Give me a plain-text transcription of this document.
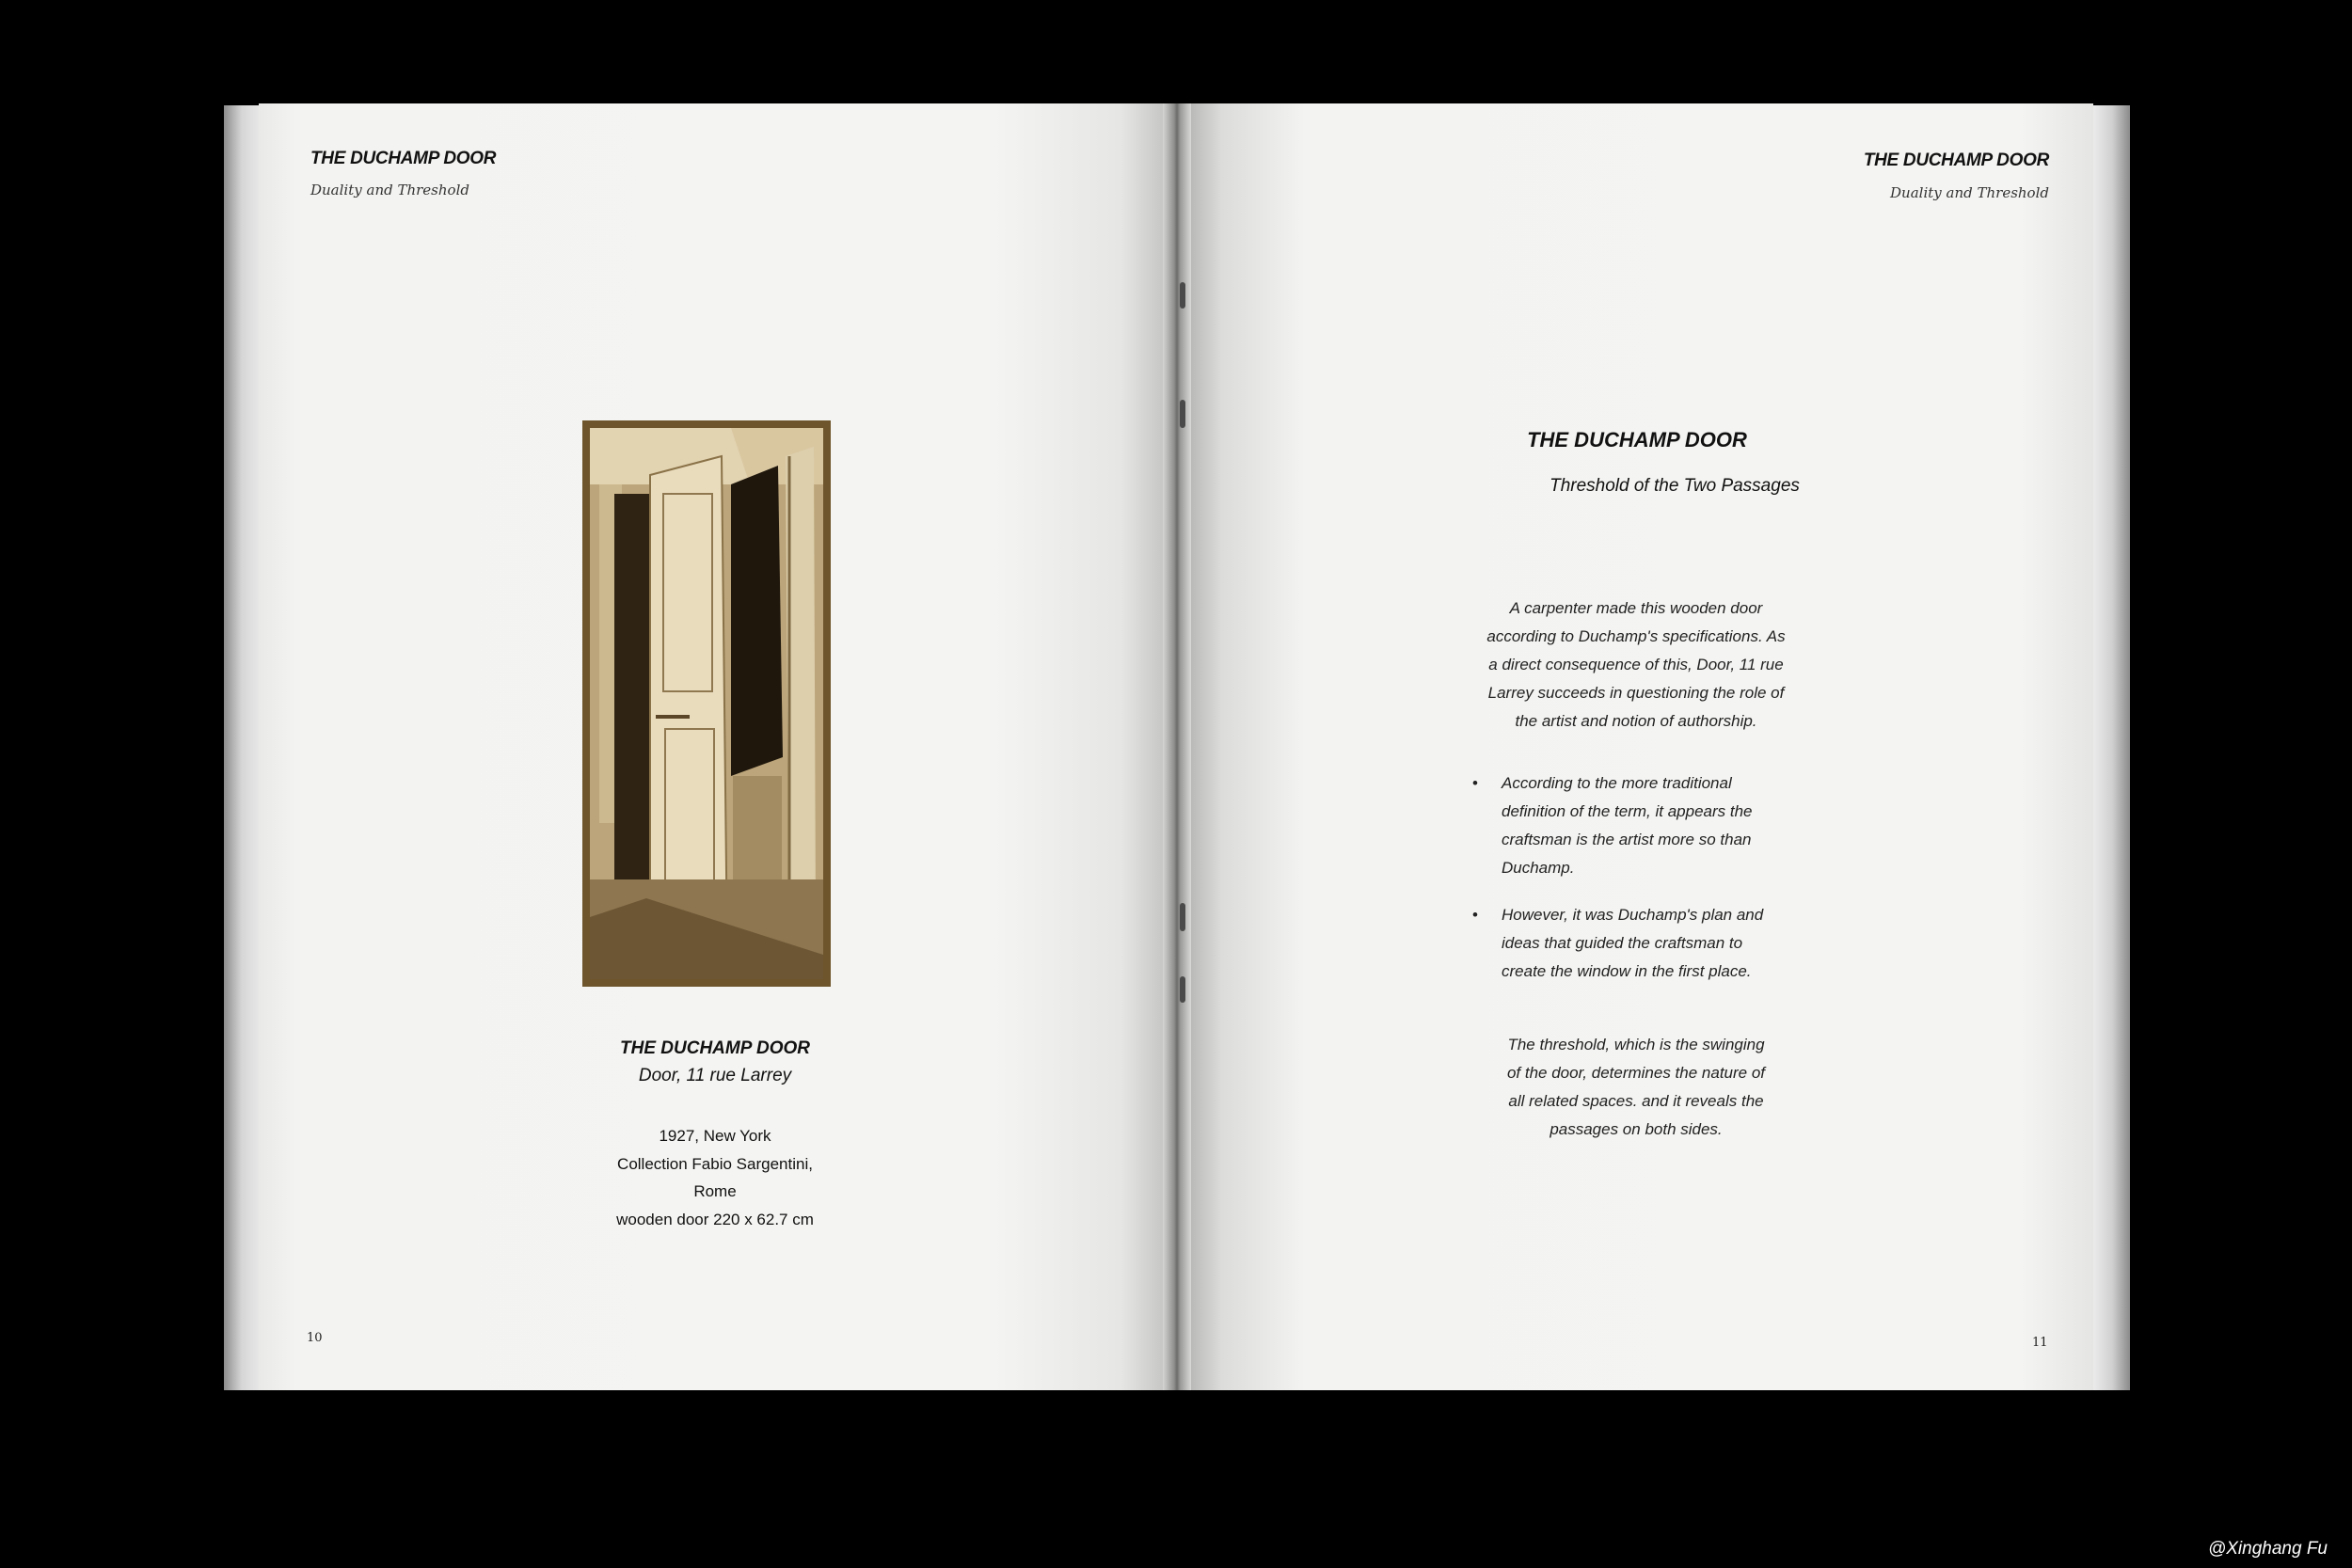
THE DUCHAMP DOOR
Duality and Threshold
THE DUCHAMP DOOR
Door, 11 rue Larrey
1927, New York
Collection Fabio Sargentini,
Rome
wooden door 220 x 62.7 cm
10
THE DUCHAMP DOOR
Duality and Threshold
THE DUCHAMP DOOR
Threshold of the Two Passages
A carpenter made this wooden door
according to Duchamp's specifications. As
a direct consequence of this, Door, 11 rue
Larrey succeeds in questioning the role of
the artist and notion of authorship.
• According to the more traditional
definition of the term, it appears the
craftsman is the artist more so than
Duchamp.
• However, it was Duchamp's plan and
ideas that guided the craftsman to
create the window in the first place.
The threshold, which is the swinging
of the door, determines the nature of
all related spaces. and it reveals the
passages on both sides.
11
@Xinghang Fu
